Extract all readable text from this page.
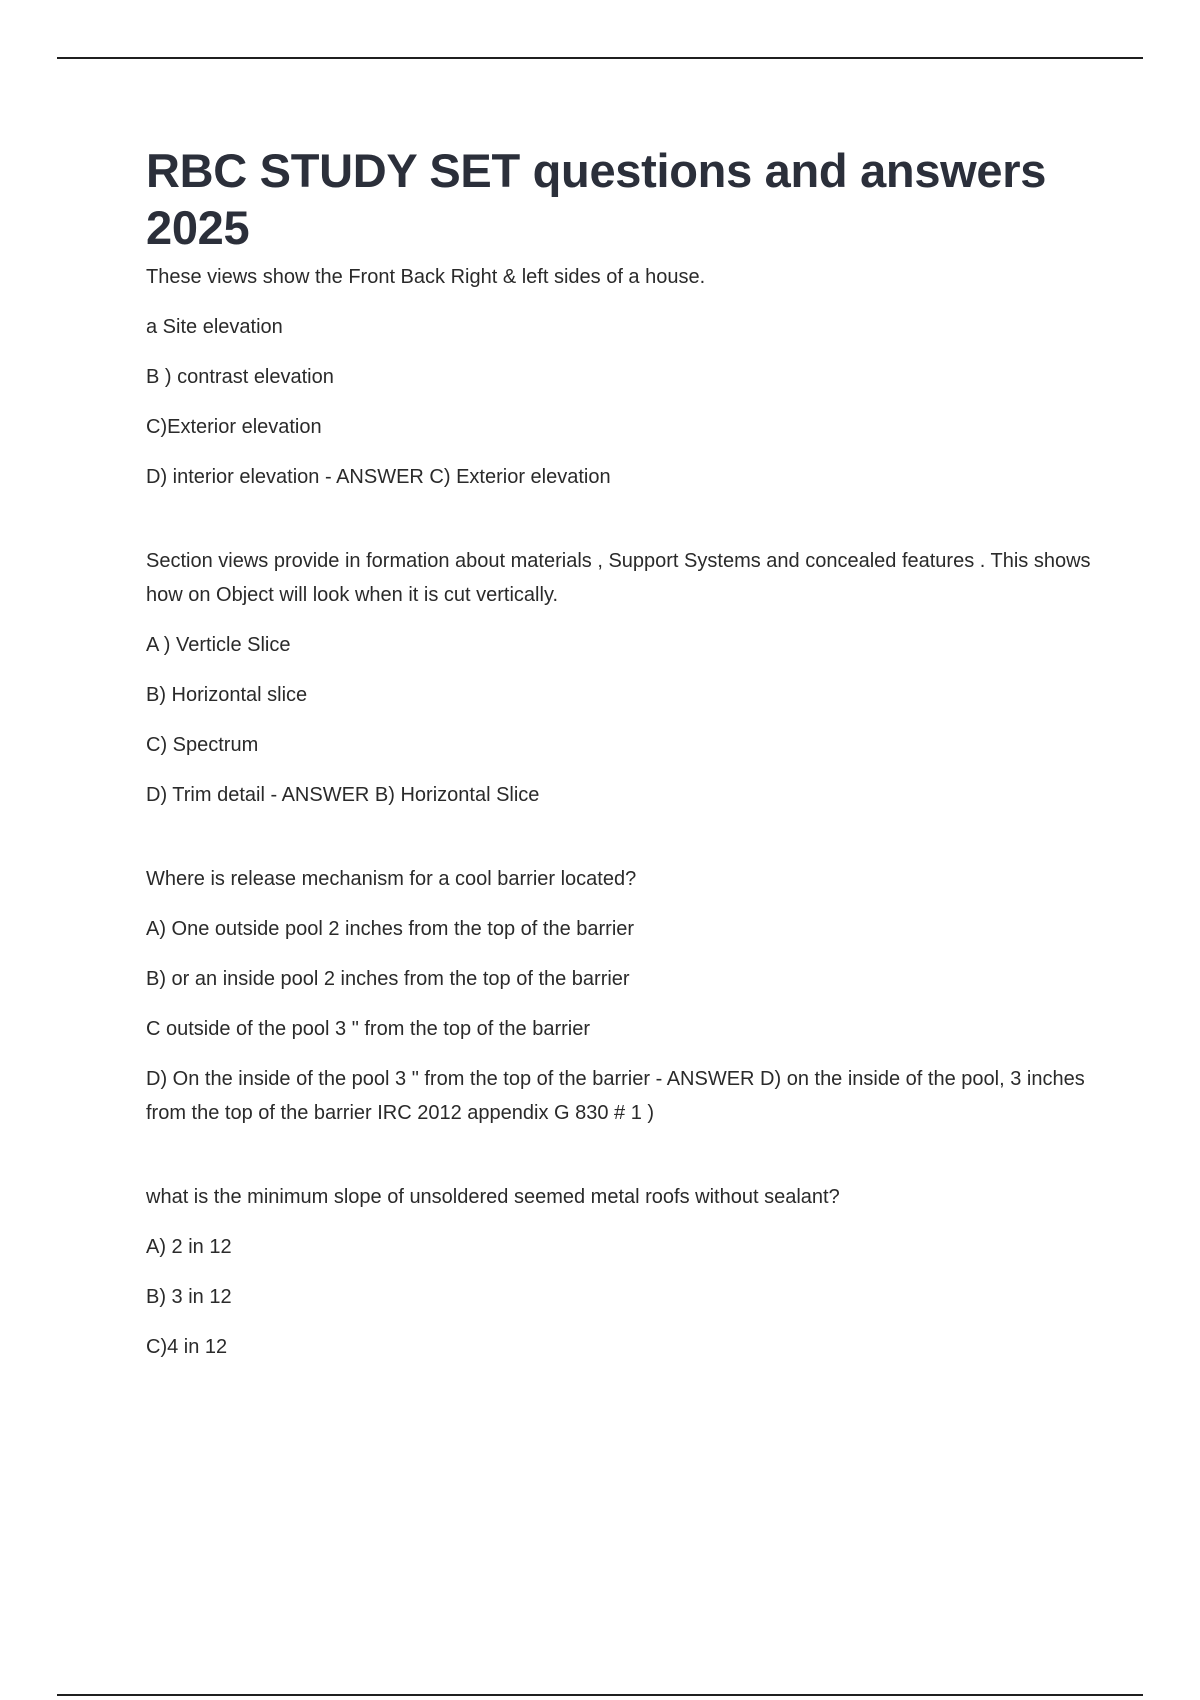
RBC STUDY SET questions and answers 2025

These views show the Front Back Right & left sides of a house.

a Site elevation

B ) contrast elevation

C)Exterior elevation

D) interior elevation - ANSWER C) Exterior elevation

Section views provide in formation about materials , Support Systems and concealed features . This shows how on Object will look when it is cut vertically.

A ) Verticle Slice

B) Horizontal slice

C) Spectrum

D) Trim detail - ANSWER B) Horizontal Slice

Where is release mechanism for a cool barrier located?

A) One outside pool 2 inches from the top of the barrier

B) or an inside pool 2 inches from the top of the barrier

C outside of the pool 3 " from the top of the barrier

D) On the inside of the pool 3 " from the top of the barrier - ANSWER D) on the inside of the pool, 3 inches from the top of the barrier IRC 2012 appendix G 830 # 1 )

what is the minimum slope of unsoldered seemed metal roofs without sealant?

A) 2 in 12

B) 3 in 12

C)4 in 12
